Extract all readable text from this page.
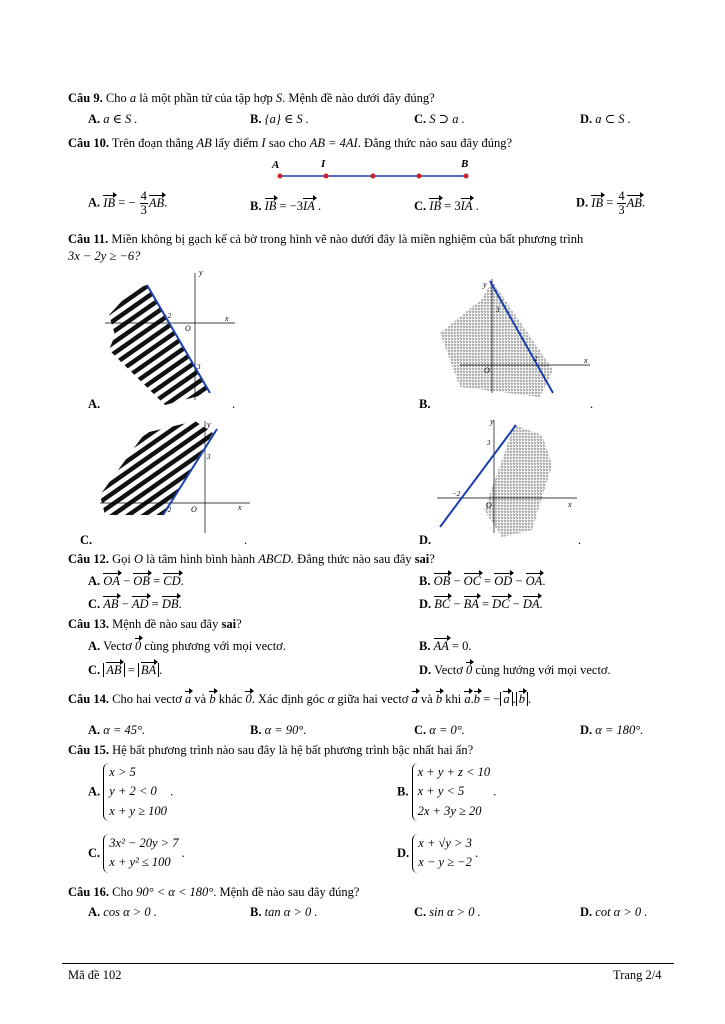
Câu 9. Cho a là một phần tử của tập hợp S. Mệnh đề nào dưới đây đúng?
A. a ∈ S .	B. {a} ∈ S .	C. S ⊃ a .	D. a ⊂ S .
Câu 10. Trên đoạn thẳng AB lấy điểm I sao cho AB = 4AI. Đẳng thức nào sau đây đúng?
A	I	B
A. IB = − $\frac{4}{3}$ AB.	B. IB = −3IA .	C. IB = 3IA .	D. IB = $\frac{4}{3}$ AB.
Câu 11. Miền không bị gạch kể cả bờ trong hình vẽ nào dưới đây là miền nghiệm của bất phương trình
3x − 2y ≥ −6?
y
x
O
−2
3
A.	.
y
x
O
3
2
B.	.
y
x
O
−2
3
C.	.
y
x
O
−2
3
D.	.
Câu 12. Gọi O là tâm hình bình hành ABCD. Đẳng thức nào sau đây sai?
A. OA − OB = CD.	B. OB − OC = OD − OA.
C. AB − AD = DB.	D. BC − BA = DC − DA.
Câu 13. Mệnh đề nào sau đây sai?
A. Vectơ 0 cùng phương với mọi vectơ.	B. AA = 0.
C. AB = BA .	D. Vectơ 0 cùng hướng với mọi vectơ.
Câu 14. Cho hai vectơ a và b khác 0. Xác định góc α giữa hai vectơ a và b khi a.b = − a . b .
A. α = 45°.	B. α = 90°.	C. α = 0°.	D. α = 180°.
Câu 15. Hệ bất phương trình nào sau đây là hệ bất phương trình bậc nhất hai ẩn?
A.
x > 5
y + 2 < 0
x + y ≥ 100
.	B.
x + y + z < 10
x + y < 5
2x + 3y ≥ 20
.
C.
3x² − 20y > 7
x + y² ≤ 100
.	D.
x + √y > 3
x − y ≥ −2
.
Câu 16. Cho 90° < α < 180°. Mệnh đề nào sau đây đúng?
A. cos α > 0 .	B. tan α > 0 .	C. sin α > 0 .	D. cot α > 0 .
Mã đề 102	Trang 2/4
